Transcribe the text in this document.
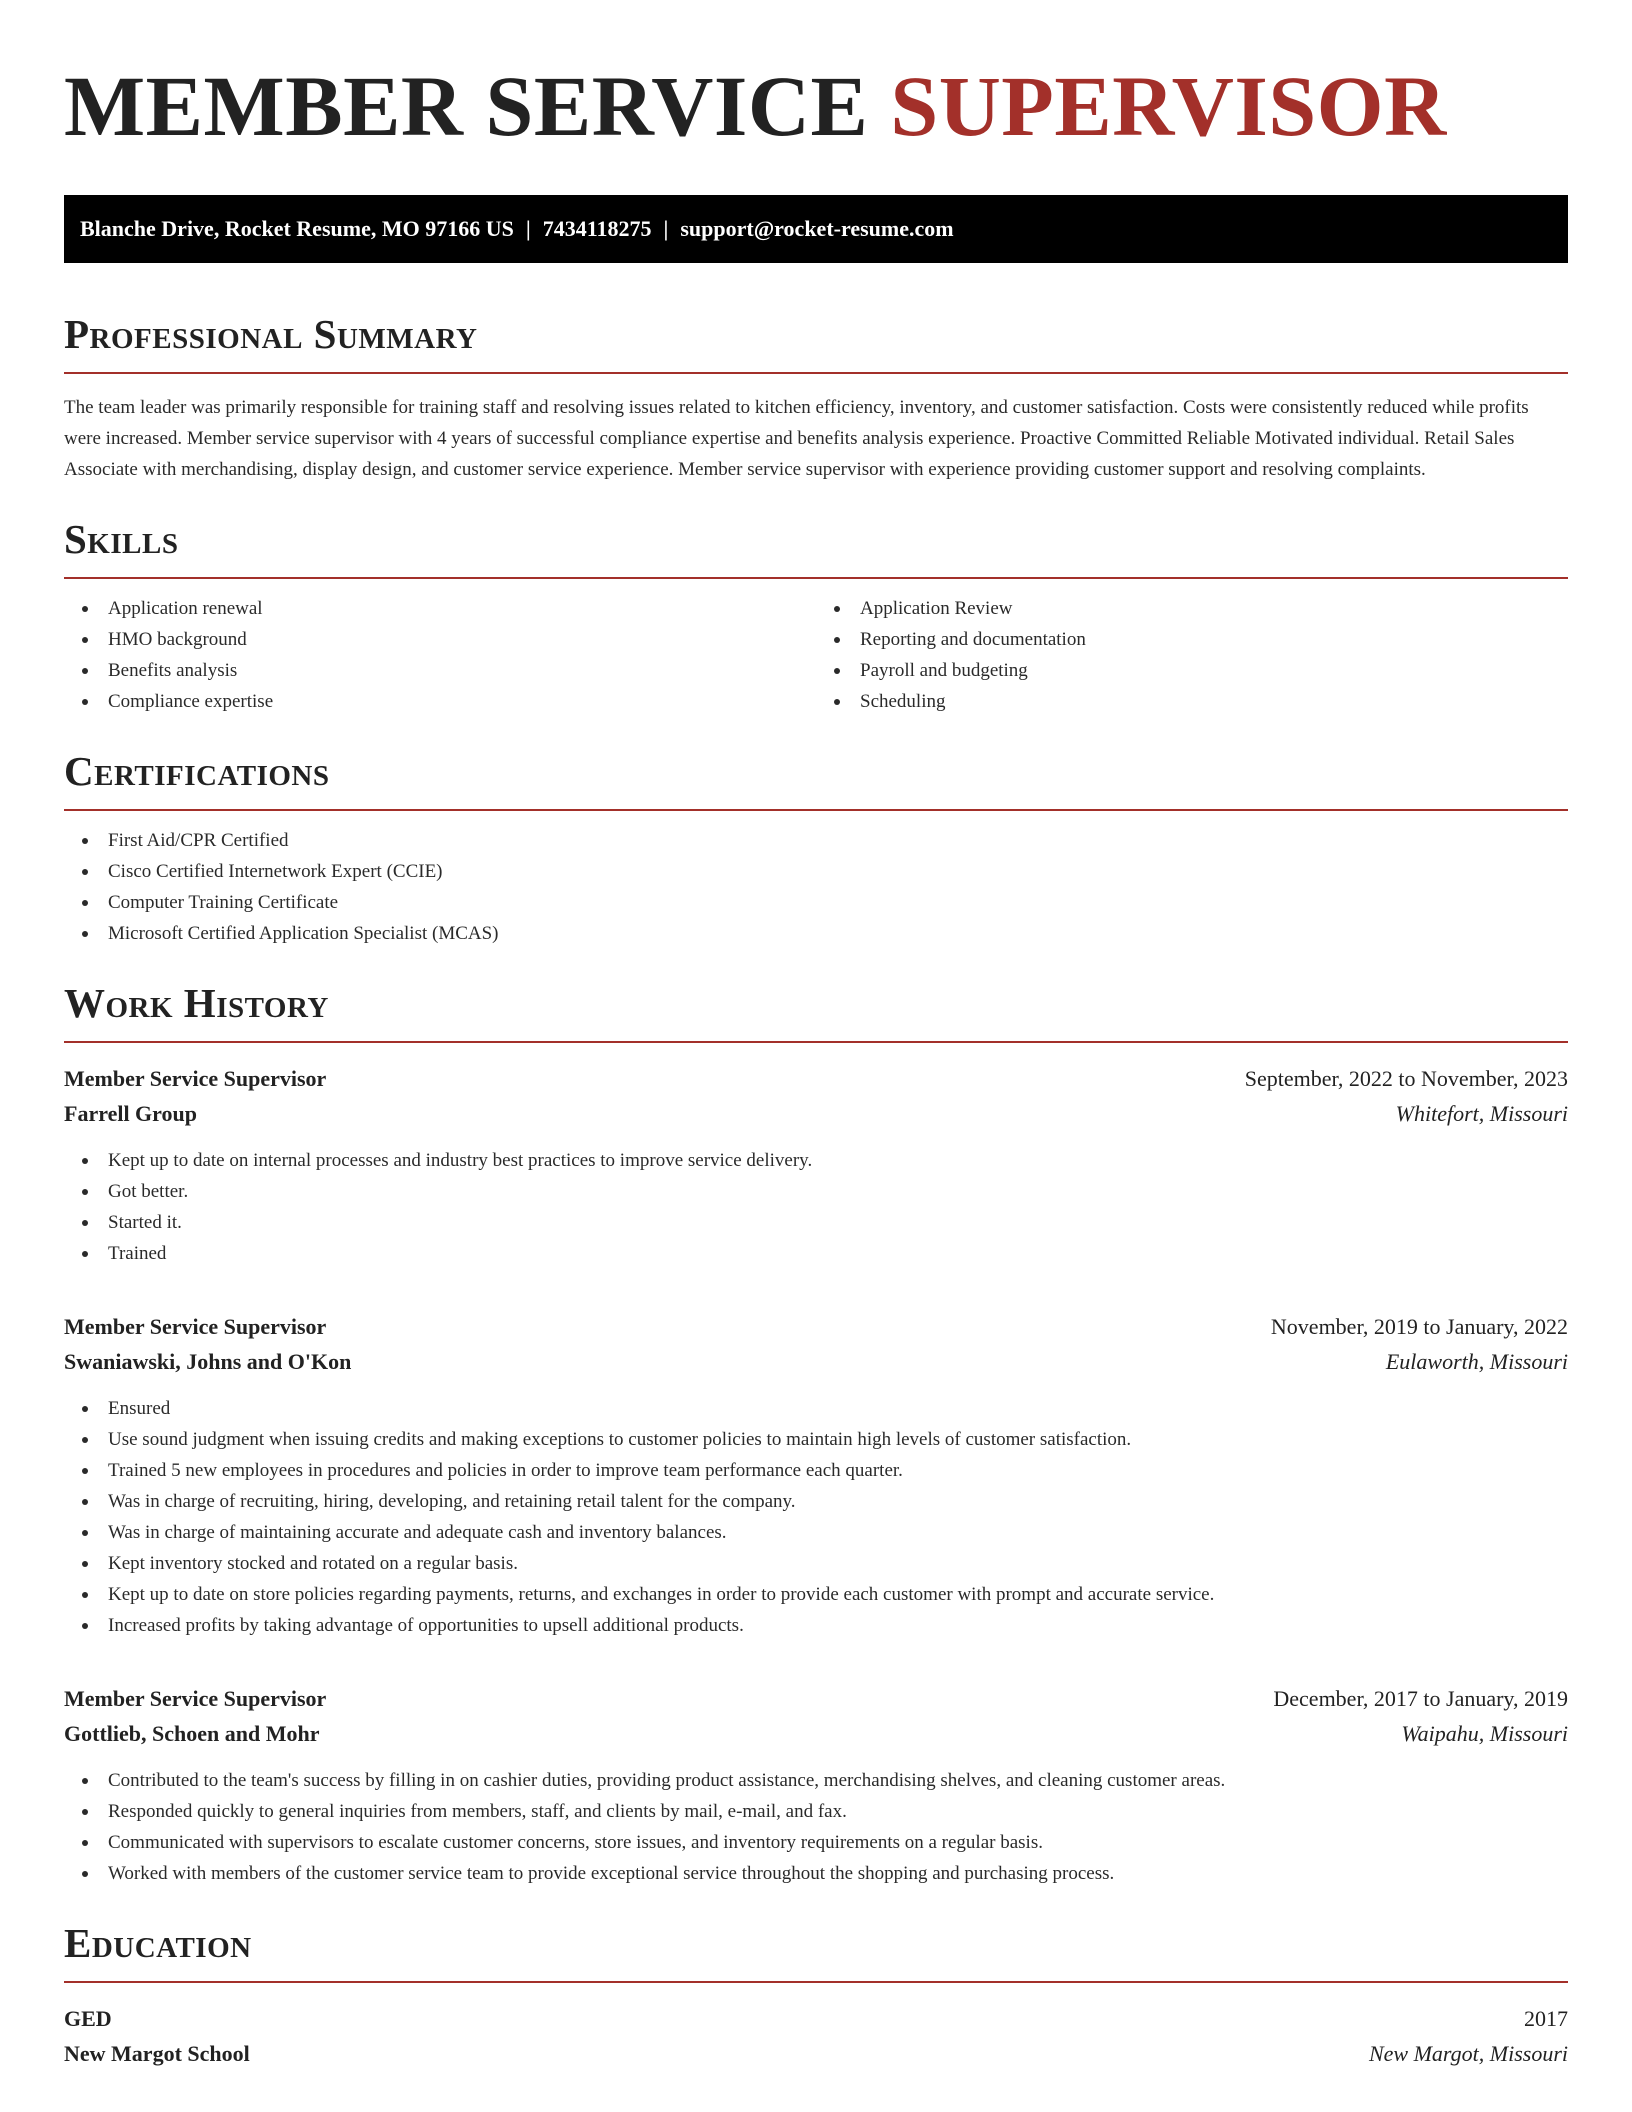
MEMBER SERVICE SUPERVISOR
Blanche Drive, Rocket Resume, MO 97166 US | 7434118275 | support@rocket-resume.com
Professional Summary

The team leader was primarily responsible for training staff and resolving issues related to kitchen efficiency, inventory, and customer satisfaction. Costs were consistently reduced while profits were increased. Member service supervisor with 4 years of successful compliance expertise and benefits analysis experience. Proactive Committed Reliable Motivated individual. Retail Sales Associate with merchandising, display design, and customer service experience. Member service supervisor with experience providing customer support and resolving complaints.

Skills
Application renewal
HMO background
Benefits analysis
Compliance expertise
Application Review
Reporting and documentation
Payroll and budgeting
Scheduling
Certifications
First Aid/CPR Certified
Cisco Certified Internetwork Expert (CCIE)
Computer Training Certificate
Microsoft Certified Application Specialist (MCAS)
Work History
Member Service Supervisor	September, 2022 to November, 2023
Farrell Group	Whitefort, Missouri
Kept up to date on internal processes and industry best practices to improve service delivery.
Got better.
Started it.
Trained
Member Service Supervisor	November, 2019 to January, 2022
Swaniawski, Johns and O'Kon	Eulaworth, Missouri
Ensured
Use sound judgment when issuing credits and making exceptions to customer policies to maintain high levels of customer satisfaction.
Trained 5 new employees in procedures and policies in order to improve team performance each quarter.
Was in charge of recruiting, hiring, developing, and retaining retail talent for the company.
Was in charge of maintaining accurate and adequate cash and inventory balances.
Kept inventory stocked and rotated on a regular basis.
Kept up to date on store policies regarding payments, returns, and exchanges in order to provide each customer with prompt and accurate service.
Increased profits by taking advantage of opportunities to upsell additional products.
Member Service Supervisor	December, 2017 to January, 2019
Gottlieb, Schoen and Mohr	Waipahu, Missouri
Contributed to the team's success by filling in on cashier duties, providing product assistance, merchandising shelves, and cleaning customer areas.
Responded quickly to general inquiries from members, staff, and clients by mail, e-mail, and fax.
Communicated with supervisors to escalate customer concerns, store issues, and inventory requirements on a regular basis.
Worked with members of the customer service team to provide exceptional service throughout the shopping and purchasing process.
Education
GED	2017
New Margot School	New Margot, Missouri
